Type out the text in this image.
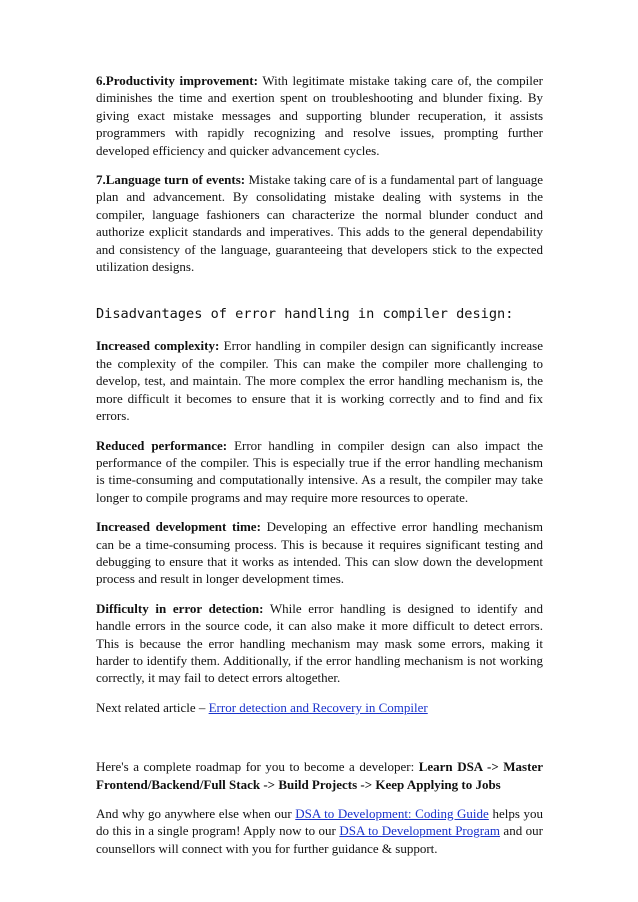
6.Productivity improvement: With legitimate mistake taking care of, the compiler diminishes the time and exertion spent on troubleshooting and blunder fixing. By giving exact mistake messages and supporting blunder recuperation, it assists programmers with rapidly recognizing and resolve issues, prompting further developed efficiency and quicker advancement cycles.

7.Language turn of events: Mistake taking care of is a fundamental part of language plan and advancement. By consolidating mistake dealing with systems in the compiler, language fashioners can characterize the normal blunder conduct and authorize explicit standards and imperatives. This adds to the general dependability and consistency of the language, guaranteeing that developers stick to the expected utilization designs.

Disadvantages of error handling in compiler design:

Increased complexity: Error handling in compiler design can significantly increase the complexity of the compiler. This can make the compiler more challenging to develop, test, and maintain. The more complex the error handling mechanism is, the more difficult it becomes to ensure that it is working correctly and to find and fix errors.

Reduced performance: Error handling in compiler design can also impact the performance of the compiler. This is especially true if the error handling mechanism is time-consuming and computationally intensive. As a result, the compiler may take longer to compile programs and may require more resources to operate.

Increased development time: Developing an effective error handling mechanism can be a time-consuming process. This is because it requires significant testing and debugging to ensure that it works as intended. This can slow down the development process and result in longer development times.

Difficulty in error detection: While error handling is designed to identify and handle errors in the source code, it can also make it more difficult to detect errors. This is because the error handling mechanism may mask some errors, making it harder to identify them. Additionally, if the error handling mechanism is not working correctly, it may fail to detect errors altogether.

Next related article – Error detection and Recovery in Compiler

Here's a complete roadmap for you to become a developer: Learn DSA -> Master Frontend/Backend/Full Stack -> Build Projects -> Keep Applying to Jobs

And why go anywhere else when our DSA to Development: Coding Guide helps you do this in a single program! Apply now to our DSA to Development Program and our counsellors will connect with you for further guidance & support.
